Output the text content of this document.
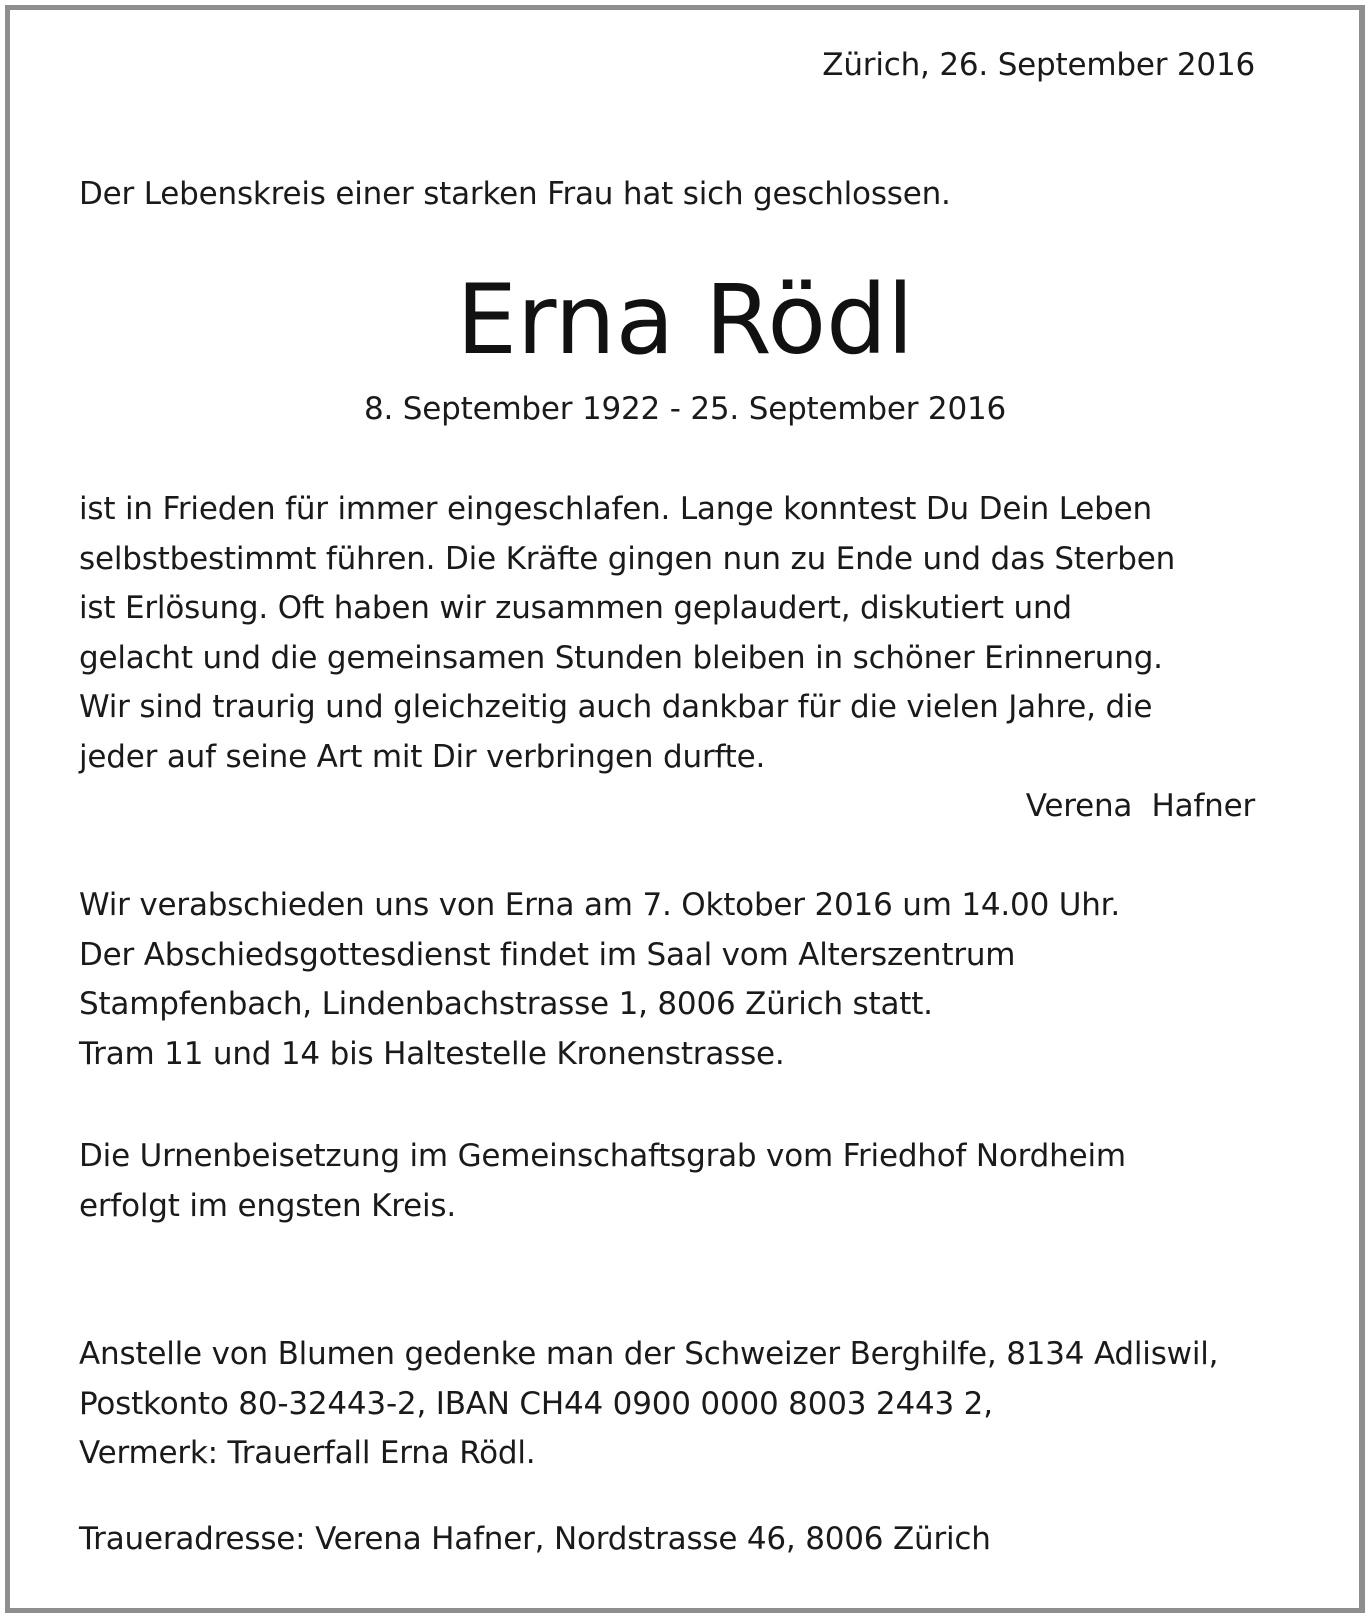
Zürich, 26. September 2016

Der Lebenskreis einer starken Frau hat sich geschlossen.

Erna Rödl

8. September 1922 - 25. September 2016

ist in Frieden für immer eingeschlafen. Lange konntest Du Dein Leben
selbstbestimmt führen. Die Kräfte gingen nun zu Ende und das Sterben
ist Erlösung. Oft haben wir zusammen geplaudert, diskutiert und
gelacht und die gemeinsamen Stunden bleiben in schöner Erinnerung.
Wir sind traurig und gleichzeitig auch dankbar für die vielen Jahre, die
jeder auf seine Art mit Dir verbringen durfte.

Verena  Hafner

Wir verabschieden uns von Erna am 7. Oktober 2016 um 14.00 Uhr.
Der Abschiedsgottesdienst findet im Saal vom Alterszentrum
Stampfenbach, Lindenbachstrasse 1, 8006 Zürich statt.
Tram 11 und 14 bis Haltestelle Kronenstrasse.
Die Urnenbeisetzung im Gemeinschaftsgrab vom Friedhof Nordheim
erfolgt im engsten Kreis.
Anstelle von Blumen gedenke man der Schweizer Berghilfe, 8134 Adliswil,
Postkonto 80-32443-2, IBAN CH44 0900 0000 8003 2443 2,
Vermerk: Trauerfall Erna Rödl.

Traueradresse: Verena Hafner, Nordstrasse 46, 8006 Zürich
